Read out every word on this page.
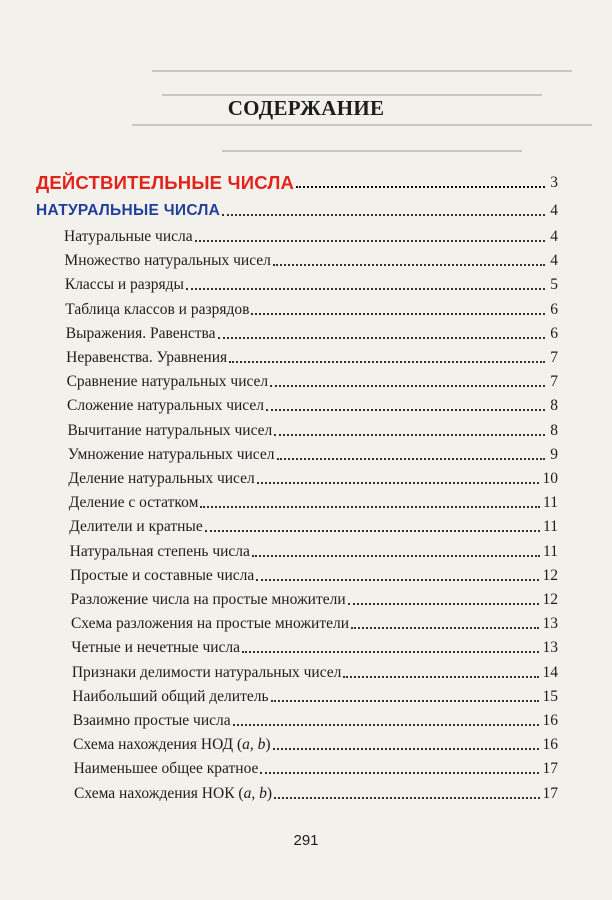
СОДЕРЖАНИЕ
ДЕЙСТВИТЕЛЬНЫЕ ЧИСЛА	3
НАТУРАЛЬНЫЕ ЧИСЛА	4
Натуральные числа	4
Множество натуральных чисел	4
Классы и разряды	5
Таблица классов и разрядов	6
Выражения. Равенства	6
Неравенства. Уравнения	7
Сравнение натуральных чисел	7
Сложение натуральных чисел	8
Вычитание натуральных чисел	8
Умножение натуральных чисел	9
Деление натуральных чисел	10
Деление с остатком	11
Делители и кратные	11
Натуральная степень числа	11
Простые и составные числа	12
Разложение числа на простые множители	12
Схема разложения на простые множители	13
Четные и нечетные числа	13
Признаки делимости натуральных чисел	14
Наибольший общий делитель	15
Взаимно простые числа	16
Схема нахождения НОД (a, b)	16
Наименьшее общее кратное	17
Схема нахождения НОК (a, b)	17
291
